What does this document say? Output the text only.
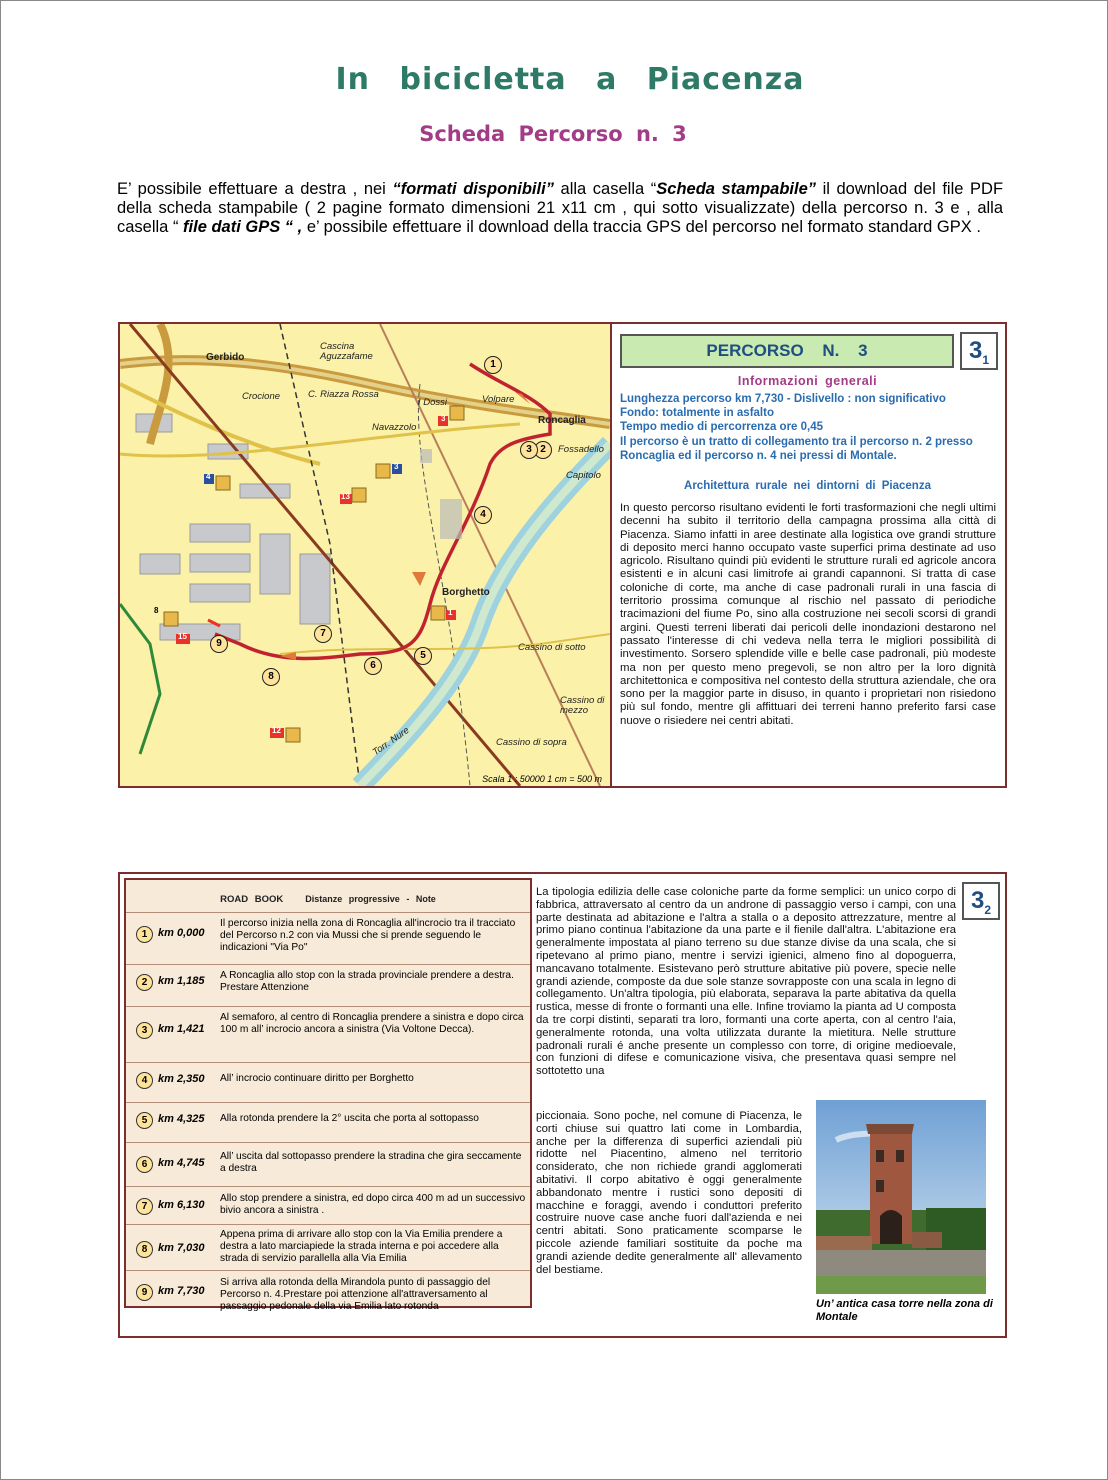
In bicicletta a Piacenza
Scheda Percorso n. 3
E’ possibile effettuare a destra , nei “formati disponibili” alla casella “Scheda stampabile” il download del file PDF della scheda stampabile ( 2 pagine formato dimensioni 21 x11 cm , qui sotto visualizzate) della percorso n. 3 e , alla casella “ file dati GPS “ , e’ possibile effettuare il download della traccia GPS del percorso nel formato standard GPX .
Gerbido
Cascina Aguzzafame
Crocione	C. Riazza Rossa
I Dossi	Volpare
Roncaglia
Navazzolo
Fossadello
Capitolo
Borghetto
Cassino di sotto
Cassino di mezzo
Cassino di sopra
Torr. Nure
1
2
3
4
5
6
7
8
9
3
13
3
4
1
8
15
12
Scala 1 : 50000 1 cm = 500 m
PERCORSO N. 3	$3_1$
Informazioni generali
Lunghezza percorso km 7,730 - Dislivello : non significativo
Fondo: totalmente in asfalto
Tempo medio di percorrenza ore 0,45
Il percorso è un tratto di collegamento tra il percorso n. 2 presso Roncaglia ed il percorso n. 4 nei pressi di Montale.
Architettura rurale nei dintorni di Piacenza
In questo percorso risultano evidenti le forti trasformazioni che negli ultimi decenni ha subito il territorio della campagna prossima alla città di Piacenza. Siamo infatti in aree destinate alla logistica ove grandi strutture di deposito merci hanno occupato vaste superfici prima destinate ad uso agricolo. Risultano quindi più evidenti le strutture rurali ed agricole ancora esistenti e in alcuni casi limitrofe ai grandi capannoni. Si tratta di case coloniche di corte, ma anche di case padronali rurali in una fascia di territorio prossima comunque al rischio nel passato di periodiche tracimazioni del fiume Po, sino alla costruzione nei secoli scorsi di grandi argini. Questi terreni liberati dai pericoli delle inondazioni destarono nel passato l'interesse di chi vedeva nella terra le migliori possibilità di investimento. Sorsero splendide ville e belle case padronali, più modeste ma non per questo meno pregevoli, se non altro per la loro dignità architettonica e compositiva nel contesto della struttura aziendale, che ora sono per la maggior parte in disuso, in quanto i proprietari non risiedono più sul fondo, mentre gli affittuari dei terreni hanno preferito farsi case nuove o risiedere nei centri abitati.
ROAD BOOK Distanze progressive - Note
1 km 0,000
Il percorso inizia nella zona di Roncaglia all'incrocio tra il tracciato del Percorso n.2 con via Mussi che si prende seguendo le indicazioni "Via Po"
2 km 1,185 A Roncaglia allo stop con la strada provinciale prendere a destra. Prestare Attenzione
3 km 1,421
Al semaforo, al centro di Roncaglia prendere a sinistra e dopo circa 100 m all’ incrocio ancora a sinistra (Via Voltone Decca).
4 km 2,350 All’ incrocio continuare diritto per Borghetto
5 km 4,325 Alla rotonda prendere la 2° uscita che porta al sottopasso
6 km 4,745
All’ uscita dal sottopasso prendere la stradina che gira seccamente a destra
7 km 6,130
Allo stop prendere a sinistra, ed dopo circa 400 m ad un successivo bivio ancora a sinistra .
8 km 7,030
Appena prima di arrivare allo stop con la Via Emilia prendere a destra a lato marciapiede la strada interna e poi accedere alla strada di servizio parallella alla Via Emilia
9 km 7,730
Si arriva alla rotonda della Mirandola punto di passaggio del Percorso n. 4.Prestare poi attenzione all'attraversamento al passaggio pedonale della via Emilia lato rotonda
$3_2$
La tipologia edilizia delle case coloniche parte da forme semplici: un unico corpo di fabbrica, attraversato al centro da un androne di passaggio verso i campi, con una parte destinata ad abitazione e l'altra a stalla o a deposito attrezzature, mentre al primo piano continua l'abitazione da una parte e il fienile dall'altra. L'abitazione era generalmente impostata al piano terreno su due stanze divise da una scala, che si ripetevano al primo piano, mentre i servizi igienici, almeno fino al dopoguerra, mancavano totalmente. Esistevano però strutture abitative più povere, specie nelle grandi aziende, composte da due sole stanze sovrapposte con una scala in legno di collegamento. Un'altra tipologia, più elaborata, separava la parte abitativa da quella rustica, messe di fronte o formanti una elle. Infine troviamo la pianta ad U composta da tre corpi distinti, separati tra loro, formanti una corte aperta, con al centro l'aia, generalmente rotonda, una volta utilizzata durante la mietitura. Nelle strutture padronali rurali é anche presente un complesso con torre, di origine medioevale, con funzioni di difese e comunicazione visiva, che presentava quasi sempre nel sottotetto una
piccionaia. Sono poche, nel comune di Piacenza, le corti chiuse sui quattro lati come in Lombardia, anche per la differenza di superfici aziendali più ridotte nel Piacentino, almeno nel territorio considerato, che non richiede grandi agglomerati abitativi. Il corpo abitativo è oggi generalmente abbandonato mentre i rustici sono depositi di macchine e foraggi, avendo i conduttori preferito costruire nuove case anche fuori dall'azienda e nei centri abitati. Sono praticamente scomparse le piccole aziende familiari sostituite da poche ma grandi aziende dedite generalmente all' allevamento del bestiame.
Un’ antica casa torre nella zona di Montale
